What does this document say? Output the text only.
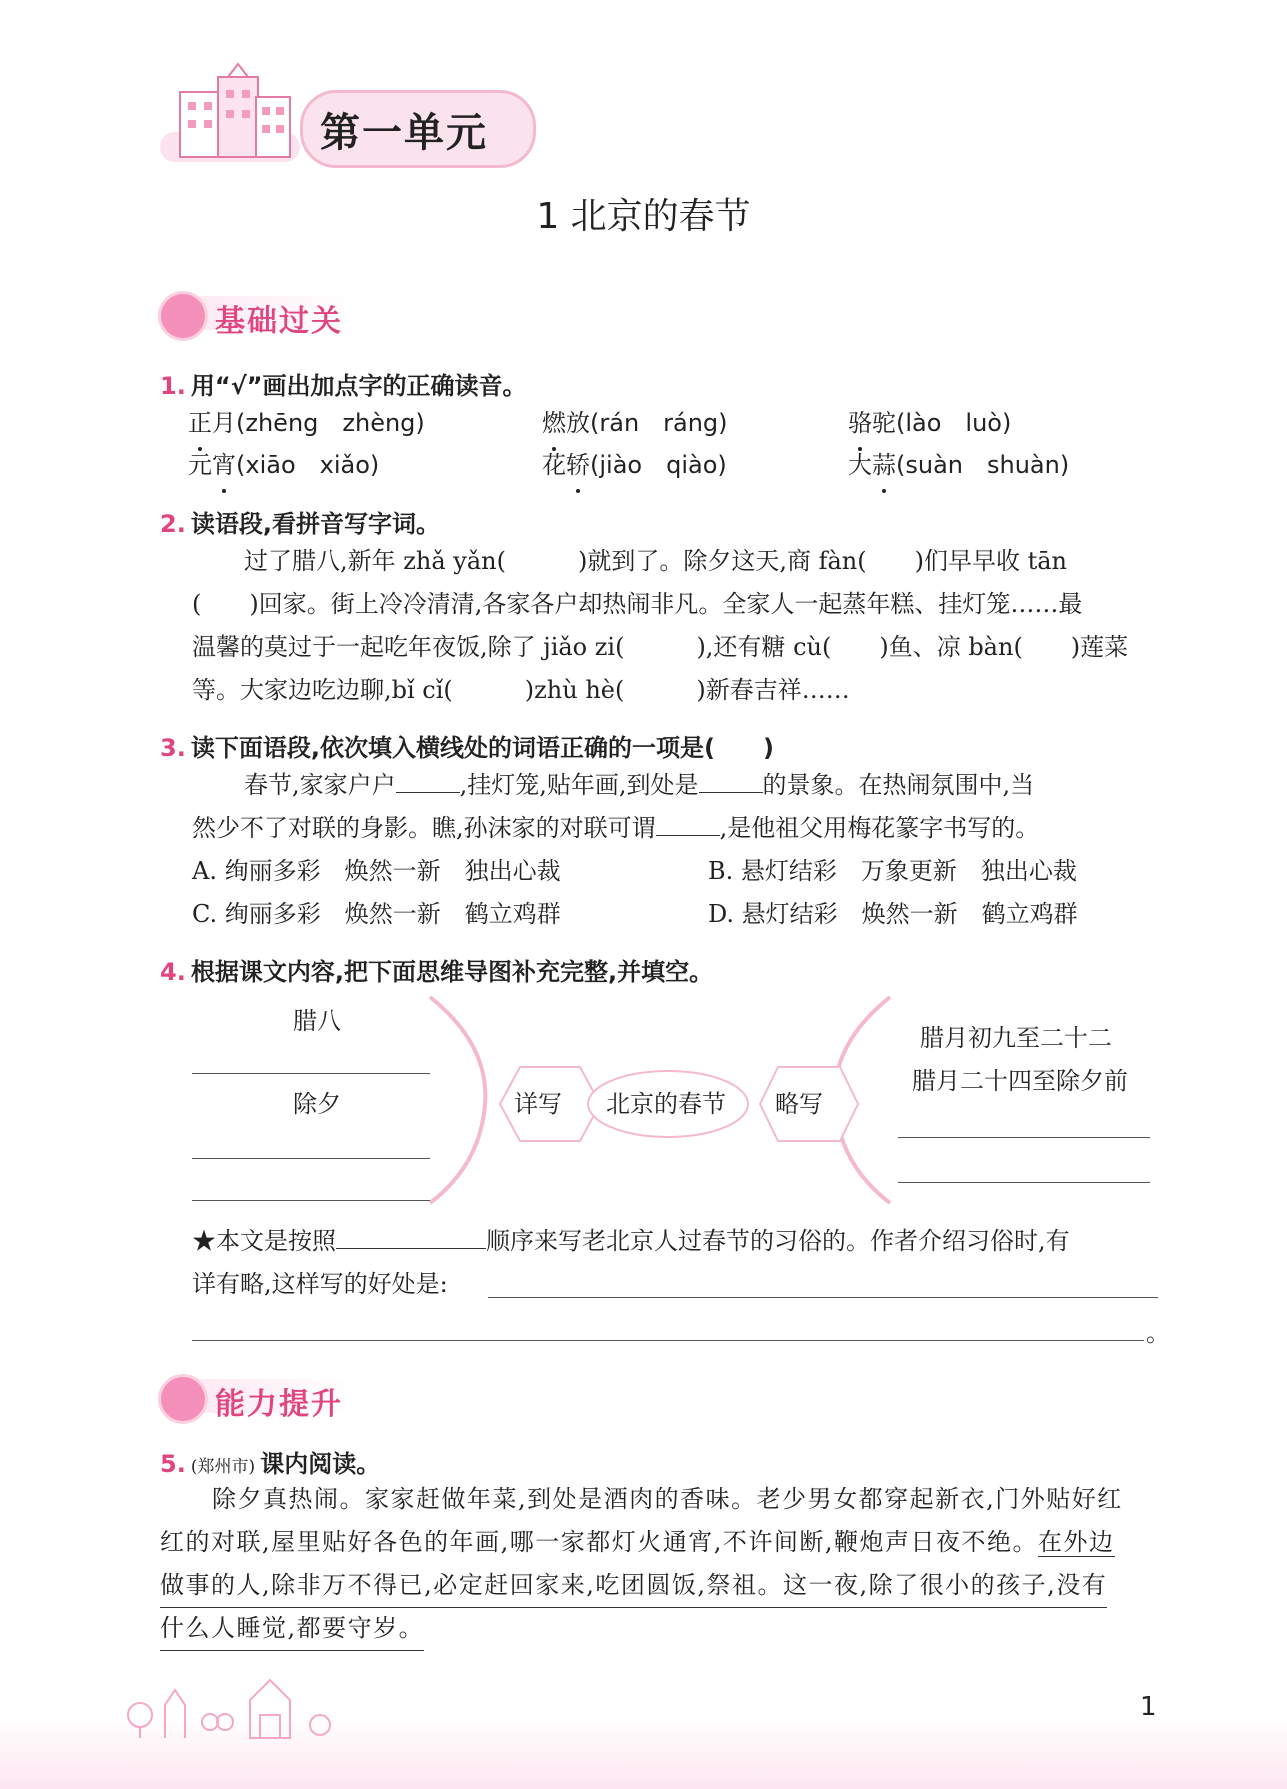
第一单元
1 北京的春节
基础过关
1. 用“√”画出加点字的正确读音。
正月(zhēng　zhèng)	燃放(rán　ráng)	骆驼(lào　luò)
元宵(xiāo　xiǎo)	花轿(jiào　qiào)	大蒜(suàn　shuàn)
2. 读语段,看拼音写字词。
过了腊八,新年 zhǎ yǎn(　　　)就到了。除夕这天,商 fàn(　　)们早早收 tān
(　　)回家。街上冷冷清清,各家各户却热闹非凡。全家人一起蒸年糕、挂灯笼……最
温馨的莫过于一起吃年夜饭,除了 jiǎo zi(　　　),还有糖 cù(　　)鱼、凉 bàn(　　)莲菜
等。大家边吃边聊,bǐ cǐ(　　　)zhù hè(　　　)新春吉祥……
3. 读下面语段,依次填入横线处的词语正确的一项是(　　)
春节,家家户户	,挂灯笼,贴年画,到处是	的景象。在热闹氛围中,当
然少不了对联的身影。瞧,孙沫家的对联可谓	,是他祖父用梅花篆字书写的。
A. 绚丽多彩　焕然一新　独出心裁	B. 悬灯结彩　万象更新　独出心裁
C. 绚丽多彩　焕然一新　鹤立鸡群	D. 悬灯结彩　焕然一新　鹤立鸡群
4. 根据课文内容,把下面思维导图补充完整,并填空。
腊八
除夕	详写 北京的春节 略写
腊月初九至二十二
腊月二十四至除夕前
★本文是按照	顺序来写老北京人过春节的习俗的。作者介绍习俗时,有
详有略,这样写的好处是:
。
能力提升
5. (郑州市) 课内阅读。
除夕真热闹。家家赶做年菜,到处是酒肉的香味。老少男女都穿起新衣,门外贴好红
红的对联,屋里贴好各色的年画,哪一家都灯火通宵,不许间断,鞭炮声日夜不绝。在外边
做事的人,除非万不得已,必定赶回家来,吃团圆饭,祭祖。这一夜,除了很小的孩子,没有
什么人睡觉,都要守岁。
1
